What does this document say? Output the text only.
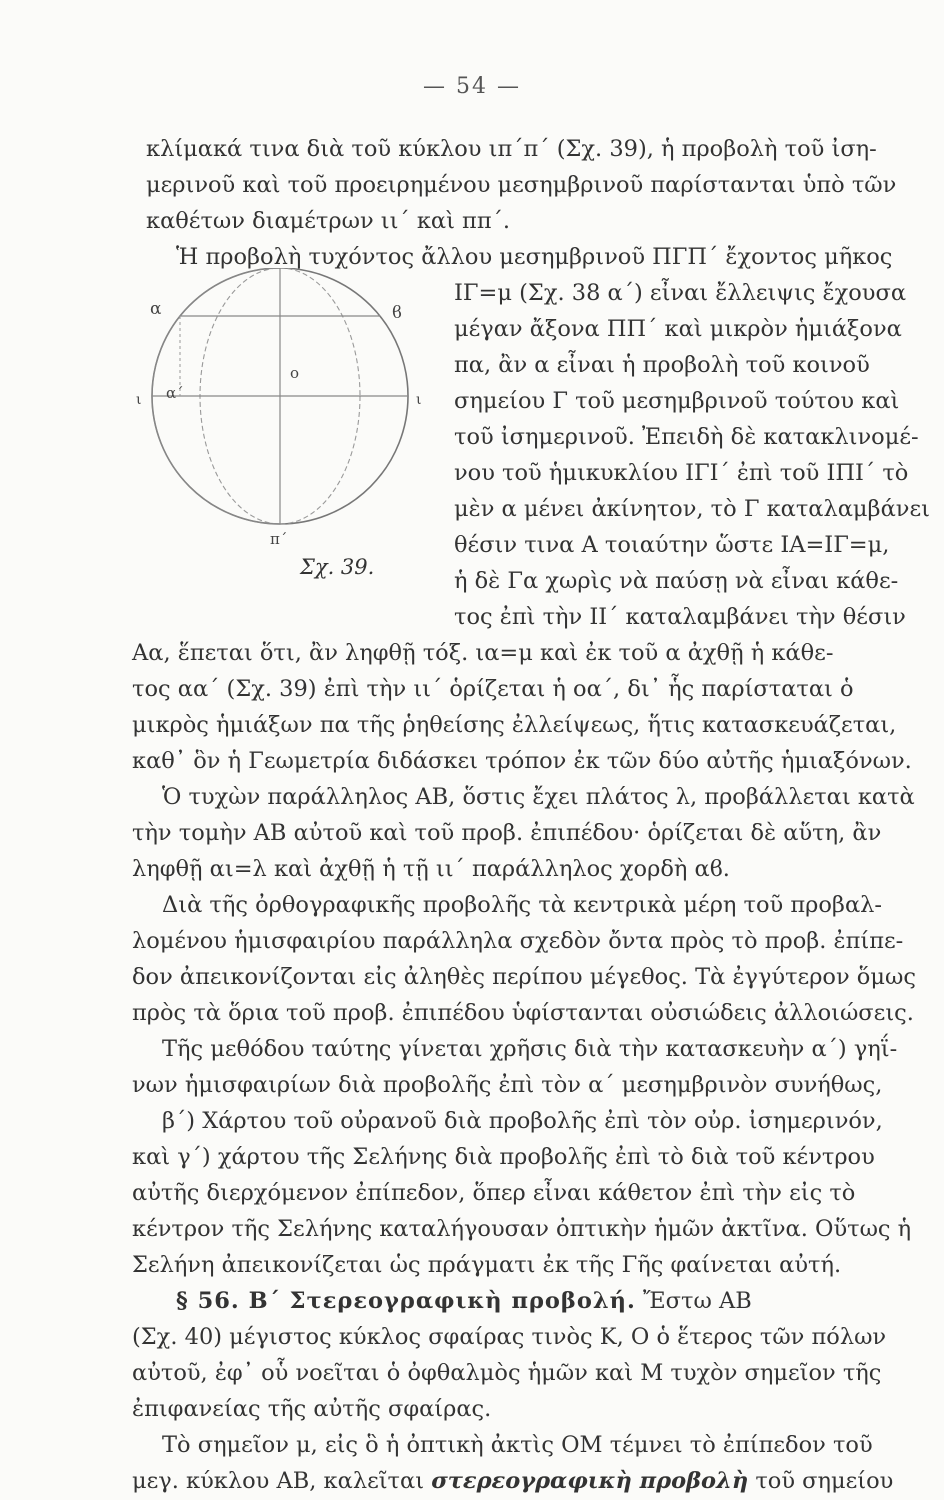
— 54 —
κλίμακά τινα διὰ τοῦ κύκλου ιπ΄π΄ (Σχ. 39), ἡ προβολὴ τοῦ ἰση-
μερινοῦ καὶ τοῦ προειρημένου μεσημβρινοῦ παρίστανται ὑπὸ τῶν
καθέτων διαμέτρων ιι΄ καὶ ππ΄.
Ἡ προβολὴ τυχόντος ἄλλου μεσημβρινοῦ ΠΓΠ΄ ἔχοντος μῆκος
π΄
α	ϐ
α΄
o
ι	ι
Σχ. 39.
ΙΓ=μ (Σχ. 38 α΄) εἶναι ἔλλειψις ἔχουσα
μέγαν ἄξονα ΠΠ΄ καὶ μικρὸν ἡμιάξονα
πα, ἂν α εἶναι ἡ προβολὴ τοῦ κοινοῦ
σημείου Γ τοῦ μεσημβρινοῦ τούτου καὶ
τοῦ ἰσημερινοῦ. Ἐπειδὴ δὲ κατακλινομέ-
νου τοῦ ἡμικυκλίου ΙΓΙ΄ ἐπὶ τοῦ ΙΠΙ΄ τὸ
μὲν α μένει ἀκίνητον, τὸ Γ καταλαμβάνει
θέσιν τινα Α τοιαύτην ὥστε ΙΑ=ΙΓ=μ,
ἡ δὲ Γα χωρὶς νὰ παύσῃ νὰ εἶναι κάθε-
τος ἐπὶ τὴν ΙΙ΄ καταλαμβάνει τὴν θέσιν
Αα, ἕπεται ὅτι, ἂν ληφθῇ τόξ. ια=μ καὶ ἐκ τοῦ α ἀχθῇ ἡ κάθε-
τος αα΄ (Σχ. 39) ἐπὶ τὴν ιι΄ ὁρίζεται ἡ οα΄, δι᾽ ἧς παρίσταται ὁ
μικρὸς ἡμιάξων πα τῆς ῥηθείσης ἐλλείψεως, ἥτις κατασκευάζεται,
καθ᾽ ὃν ἡ Γεωμετρία διδάσκει τρόπον ἐκ τῶν δύο αὐτῆς ἡμιαξόνων.
Ὁ τυχὼν παράλληλος ΑΒ, ὅστις ἔχει πλάτος λ, προβάλλεται κατὰ
τὴν τομὴν ΑΒ αὐτοῦ καὶ τοῦ προβ. ἐπιπέδου· ὁρίζεται δὲ αὕτη, ἂν
ληφθῇ αι=λ καὶ ἀχθῇ ἡ τῇ ιι΄ παράλληλος χορδὴ αϐ.
Διὰ τῆς ὀρθογραφικῆς προβολῆς τὰ κεντρικὰ μέρη τοῦ προβαλ-
λομένου ἡμισφαιρίου παράλληλα σχεδὸν ὄντα πρὸς τὸ προβ. ἐπίπε-
δον ἀπεικονίζονται εἰς ἀληθὲς περίπου μέγεθος. Τὰ ἐγγύτερον ὅμως
πρὸς τὰ ὅρια τοῦ προβ. ἐπιπέδου ὑφίστανται οὐσιώδεις ἀλλοιώσεις.
Τῆς μεθόδου ταύτης γίνεται χρῆσις διὰ τὴν κατασκευὴν α΄) γηΐ-
νων ἡμισφαιρίων διὰ προβολῆς ἐπὶ τὸν α΄ μεσημβρινὸν συνήθως,
β΄) Χάρτου τοῦ οὐρανοῦ διὰ προβολῆς ἐπὶ τὸν οὐρ. ἰσημερινόν,
καὶ γ΄) χάρτου τῆς Σελήνης διὰ προβολῆς ἐπὶ τὸ διὰ τοῦ κέντρου
αὐτῆς διερχόμενον ἐπίπεδον, ὅπερ εἶναι κάθετον ἐπὶ τὴν εἰς τὸ
κέντρον τῆς Σελήνης καταλήγουσαν ὀπτικὴν ἡμῶν ἀκτῖνα. Οὕτως ἡ
Σελήνη ἀπεικονίζεται ὡς πράγματι ἐκ τῆς Γῆς φαίνεται αὐτή.
§ 56. Β΄ Στερεογραφικὴ προβολή. Ἔστω ΑΒ
(Σχ. 40) μέγιστος κύκλος σφαίρας τινὸς Κ, Ο ὁ ἕτερος τῶν πόλων
αὐτοῦ, ἐφ᾽ οὗ νοεῖται ὁ ὀφθαλμὸς ἡμῶν καὶ Μ τυχὸν σημεῖον τῆς
ἐπιφανείας τῆς αὐτῆς σφαίρας.
Τὸ σημεῖον μ, εἰς ὃ ἡ ὀπτικὴ ἀκτὶς ΟΜ τέμνει τὸ ἐπίπεδον τοῦ
μεγ. κύκλου ΑΒ, καλεῖται στερεογραφικὴ προβολὴ τοῦ σημείου
